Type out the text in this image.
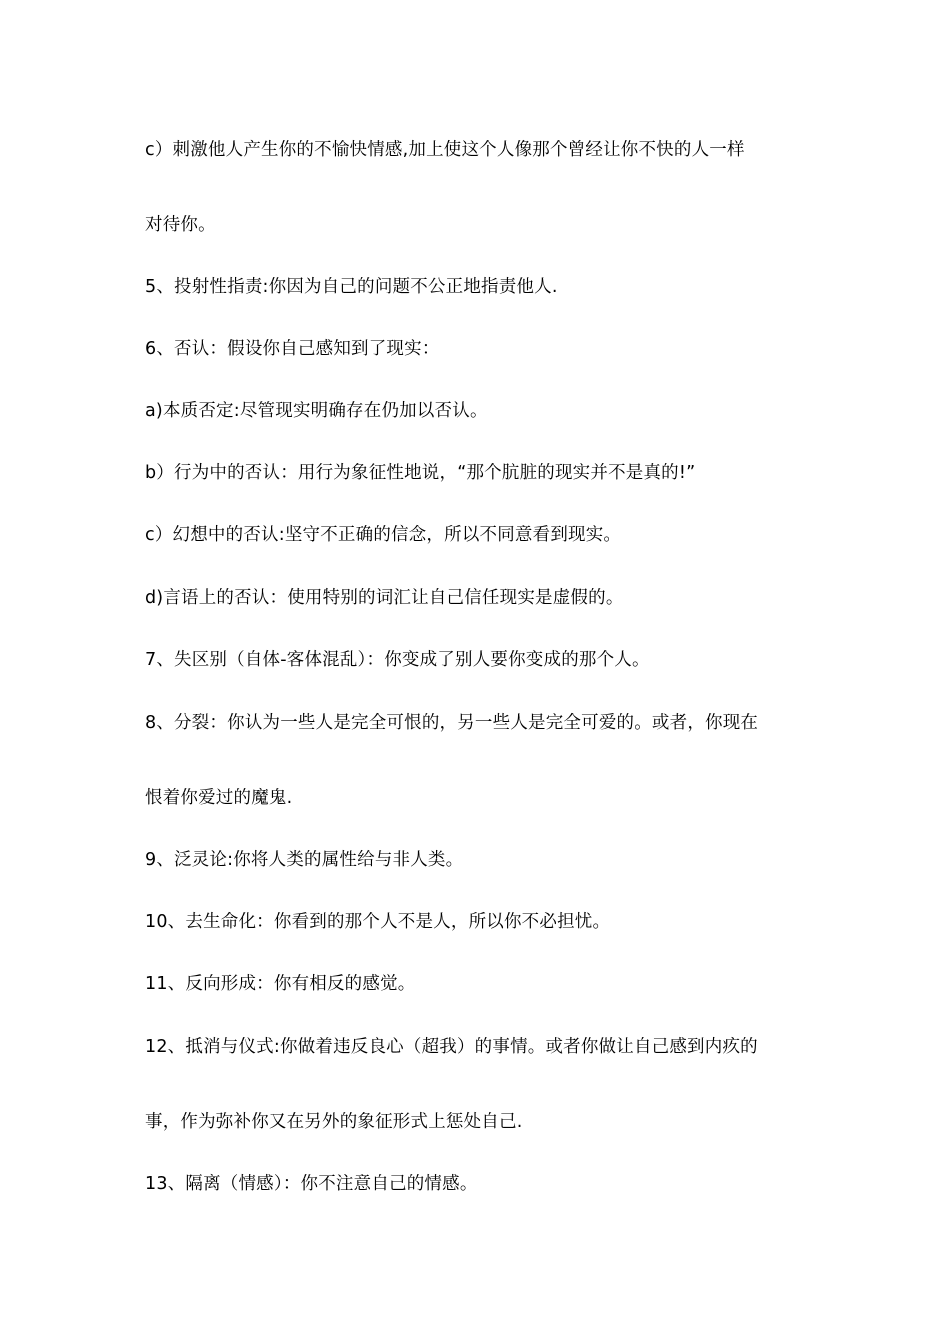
c）刺激他人产生你的不愉快情感,加上使这个人像那个曾经让你不快的人一样
对待你。
5、投射性指责:你因为自己的问题不公正地指责他人.
6、否认：假设你自己感知到了现实：
a)本质否定:尽管现实明确存在仍加以否认。
b）行为中的否认：用行为象征性地说，“那个肮脏的现实并不是真的!”
c）幻想中的否认:坚守不正确的信念，所以不同意看到现实。
d)言语上的否认：使用特别的词汇让自己信任现实是虚假的。
7、失区别（自体-客体混乱）：你变成了别人要你变成的那个人。
8、分裂：你认为一些人是完全可恨的，另一些人是完全可爱的。或者，你现在
恨着你爱过的魔鬼.
9、泛灵论:你将人类的属性给与非人类。
10、去生命化：你看到的那个人不是人，所以你不必担忧。
11、反向形成：你有相反的感觉。
12、抵消与仪式:你做着违反良心（超我）的事情。或者你做让自己感到内疚的
事，作为弥补你又在另外的象征形式上惩处自己.
13、隔离（情感）：你不注意自己的情感。
